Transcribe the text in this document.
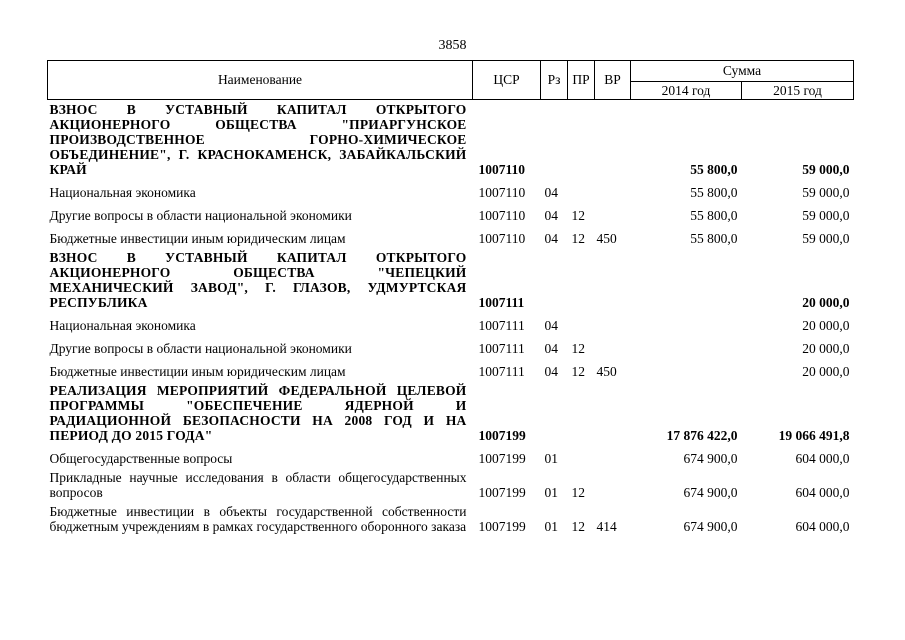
3858
Наименование	ЦСР	Рз	ПР	ВР	Сумма	
					2014 год	2015 год

ВЗНОС В УСТАВНЫЙ КАПИТАЛ ОТКРЫТОГО АКЦИОНЕРНОГО ОБЩЕСТВА "ПРИАРГУНСКОЕ ПРОИЗВОДСТВЕННОЕ ГОРНО-ХИМИЧЕСКОЕ ОБЪЕДИНЕНИЕ", Г. КРАСНОКАМЕНСК, ЗАБАЙКАЛЬСКИЙ КРАЙ	1007110				55 800,0	59 000,0

Национальная экономика	1007110	04			55 800,0	59 000,0

Другие вопросы в области национальной экономики	1007110	04	12		55 800,0	59 000,0

Бюджетные инвестиции иным юридическим лицам	1007110	04	12	450	55 800,0	59 000,0

ВЗНОС В УСТАВНЫЙ КАПИТАЛ ОТКРЫТОГО АКЦИОНЕРНОГО ОБЩЕСТВА "ЧЕПЕЦКИЙ МЕХАНИЧЕСКИЙ ЗАВОД", Г. ГЛАЗОВ, УДМУРТСКАЯ РЕСПУБЛИКА	1007111					20 000,0

Национальная экономика	1007111	04				20 000,0

Другие вопросы в области национальной экономики	1007111	04	12			20 000,0

Бюджетные инвестиции иным юридическим лицам	1007111	04	12	450		20 000,0

РЕАЛИЗАЦИЯ МЕРОПРИЯТИЙ ФЕДЕРАЛЬНОЙ ЦЕЛЕВОЙ ПРОГРАММЫ "ОБЕСПЕЧЕНИЕ ЯДЕРНОЙ И РАДИАЦИОННОЙ БЕЗОПАСНОСТИ НА 2008 ГОД И НА ПЕРИОД ДО 2015 ГОДА"	1007199				17 876 422,0	19 066 491,8

Общегосударственные вопросы	1007199	01			674 900,0	604 000,0

Прикладные научные исследования в области общегосударственных вопросов	1007199	01	12		674 900,0	604 000,0

Бюджетные инвестиции в объекты государственной собственности бюджетным учреждениям в рамках государственного оборонного заказа	1007199	01	12	414	674 900,0	604 000,0
